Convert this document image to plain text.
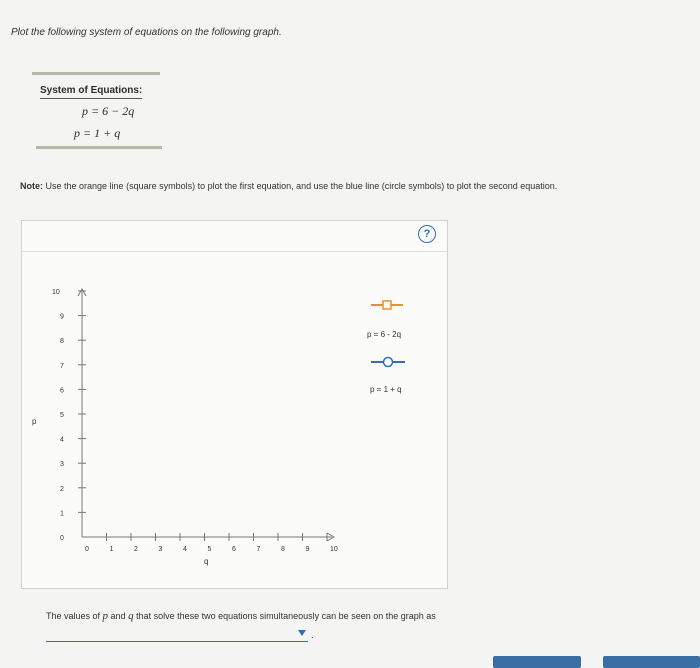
Plot the following system of equations on the following graph.
System of Equations:
p = 6 − 2q
p = 1 + q
Note: Use the orange line (square symbols) to plot the first equation, and use the blue line (circle symbols) to plot the second equation.
?
0
1
2
3
4
5
6
7
8
9
10
0	1	2	3	4	5	6	7	8	9	10
q
p
p = 6 - 2q
p = 1 + q
The values of p and q that solve these two equations simultaneously can be seen on the graph as
.
